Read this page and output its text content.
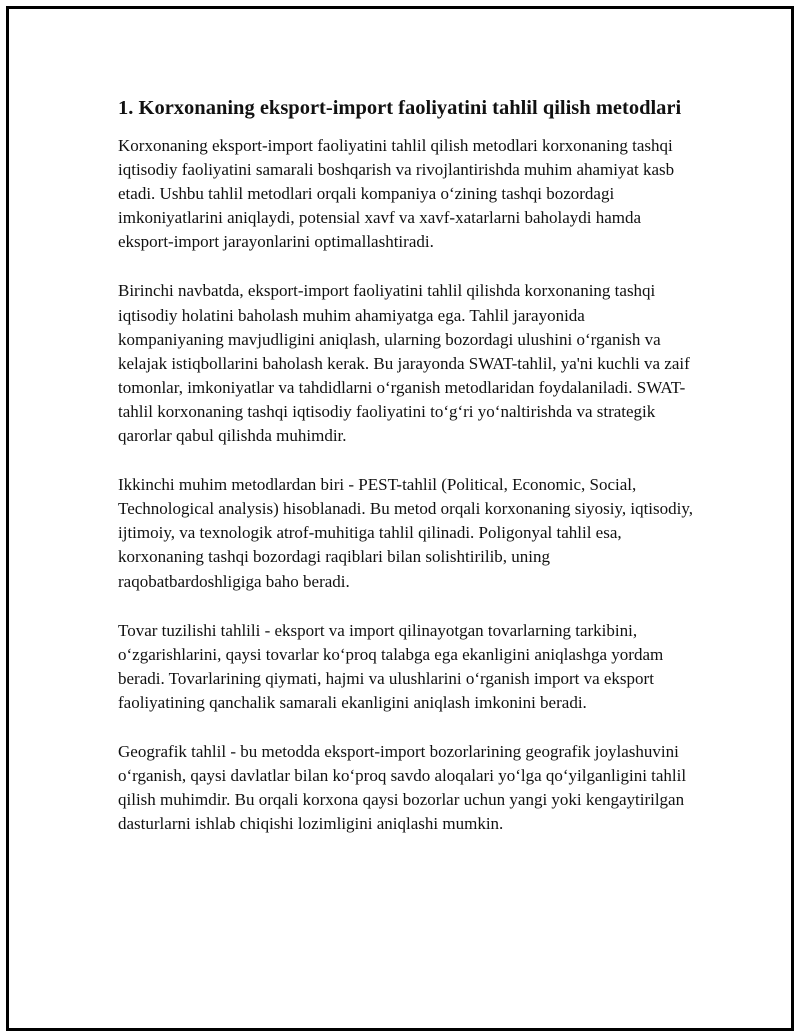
1. Korxonaning eksport-import faoliyatini tahlil qilish metodlari

Korxonaning eksport-import faoliyatini tahlil qilish metodlari korxonaning tashqi iqtisodiy faoliyatini samarali boshqarish va rivojlantirishda muhim ahamiyat kasb etadi. Ushbu tahlil metodlari orqali kompaniya o‘zining tashqi bozordagi imkoniyatlarini aniqlaydi, potensial xavf va xavf-xatarlarni baholaydi hamda eksport-import jarayonlarini optimallashtiradi.

Birinchi navbatda, eksport-import faoliyatini tahlil qilishda korxonaning tashqi iqtisodiy holatini baholash muhim ahamiyatga ega. Tahlil jarayonida kompaniyaning mavjudligini aniqlash, ularning bozordagi ulushini o‘rganish va kelajak istiqbollarini baholash kerak. Bu jarayonda SWAT-tahlil, ya'ni kuchli va zaif tomonlar, imkoniyatlar va tahdidlarni o‘rganish metodlaridan foydalaniladi. SWAT-tahlil korxonaning tashqi iqtisodiy faoliyatini to‘g‘ri yo‘naltirishda va strategik qarorlar qabul qilishda muhimdir.

Ikkinchi muhim metodlardan biri - PEST-tahlil (Political, Economic, Social, Technological analysis) hisoblanadi. Bu metod orqali korxonaning siyosiy, iqtisodiy, ijtimoiy, va texnologik atrof-muhitiga tahlil qilinadi. Poligonyal tahlil esa, korxonaning tashqi bozordagi raqiblari bilan solishtirilib, uning raqobatbardoshligiga baho beradi.

Tovar tuzilishi tahlili - eksport va import qilinayotgan tovarlarning tarkibini, o‘zgarishlarini, qaysi tovarlar ko‘proq talabga ega ekanligini aniqlashga yordam beradi. Tovarlarining qiymati, hajmi va ulushlarini o‘rganish import va eksport faoliyatining qanchalik samarali ekanligini aniqlash imkonini beradi.

Geografik tahlil - bu metodda eksport-import bozorlarining geografik joylashuvini o‘rganish, qaysi davlatlar bilan ko‘proq savdo aloqalari yo‘lga qo‘yilganligini tahlil qilish muhimdir. Bu orqali korxona qaysi bozorlar uchun yangi yoki kengaytirilgan dasturlarni ishlab chiqishi lozimligini aniqlashi mumkin.
